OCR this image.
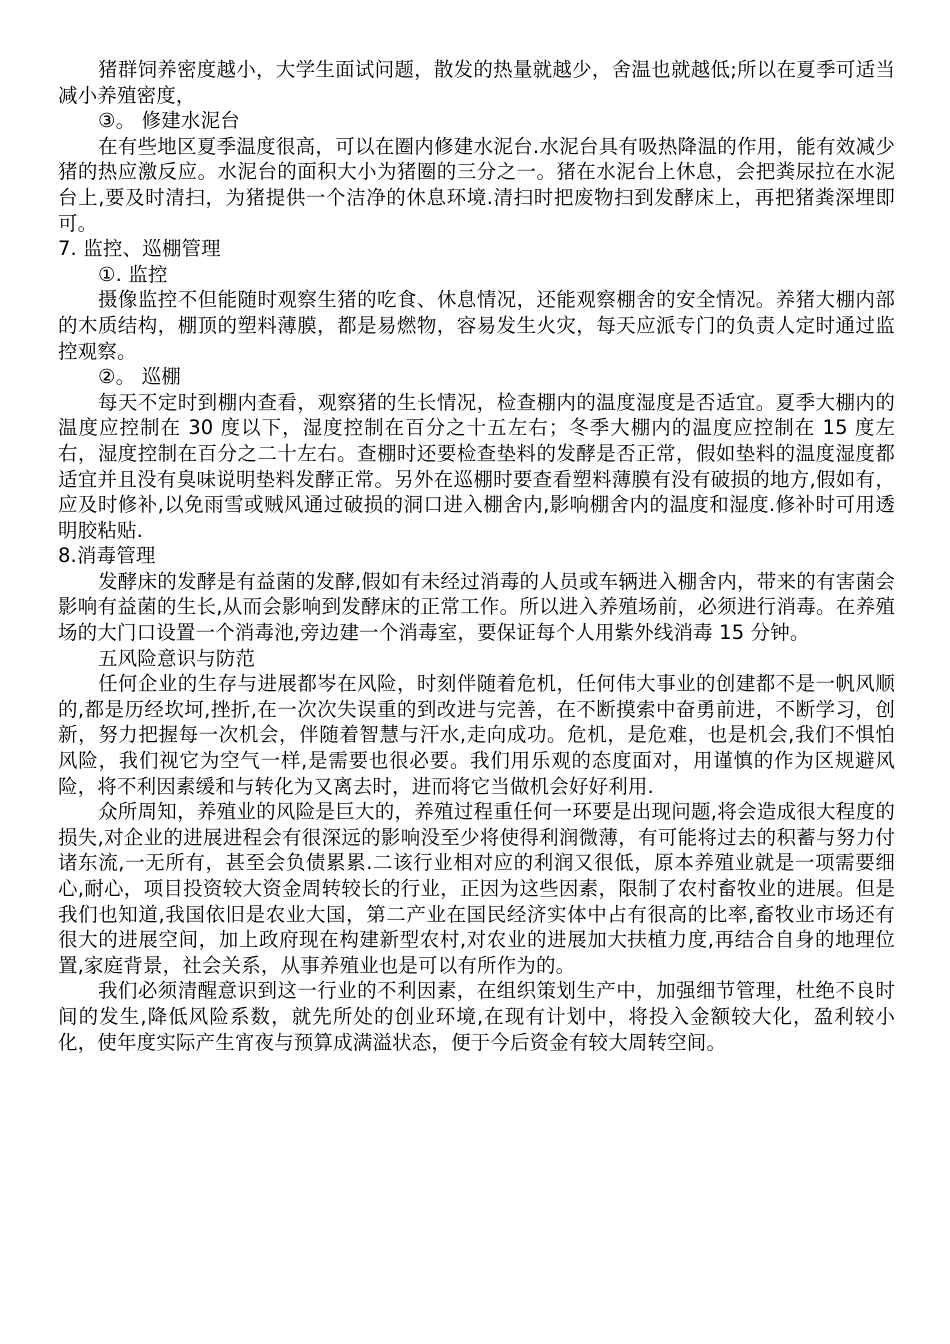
猪群饲养密度越小，大学生面试问题，散发的热量就越少，舍温也就越低;所以在夏季可适当减小养殖密度，

③。 修建水泥台

在有些地区夏季温度很高，可以在圈内修建水泥台.水泥台具有吸热降温的作用，能有效减少猪的热应激反应。水泥台的面积大小为猪圈的三分之一。猪在水泥台上休息，会把粪尿拉在水泥台上,要及时清扫，为猪提供一个洁净的休息环境.清扫时把废物扫到发酵床上，再把猪粪深埋即可。

7. 监控、巡棚管理

①. 监控

摄像监控不但能随时观察生猪的吃食、休息情况，还能观察棚舍的安全情况。养猪大棚内部的木质结构，棚顶的塑料薄膜，都是易燃物，容易发生火灾，每天应派专门的负责人定时通过监控观察。

②。 巡棚

每天不定时到棚内查看，观察猪的生长情况，检查棚内的温度湿度是否适宜。夏季大棚内的温度应控制在 30 度以下，湿度控制在百分之十五左右；冬季大棚内的温度应控制在 15 度左右，湿度控制在百分之二十左右。查棚时还要检查垫料的发酵是否正常，假如垫料的温度湿度都适宜并且没有臭味说明垫料发酵正常。另外在巡棚时要查看塑料薄膜有没有破损的地方,假如有，应及时修补,以免雨雪或贼风通过破损的洞口进入棚舍内,影响棚舍内的温度和湿度.修补时可用透明胶粘贴.

8.消毒管理

发酵床的发酵是有益菌的发酵,假如有未经过消毒的人员或车辆进入棚舍内，带来的有害菌会影响有益菌的生长,从而会影响到发酵床的正常工作。所以进入养殖场前，必须进行消毒。在养殖场的大门口设置一个消毒池,旁边建一个消毒室，要保证每个人用紫外线消毒 15 分钟。

五风险意识与防范

任何企业的生存与进展都岑在风险，时刻伴随着危机，任何伟大事业的创建都不是一帆风顺的,都是历经坎坷,挫折,在一次次失误重的到改进与完善，在不断摸索中奋勇前进，不断学习，创新，努力把握每一次机会，伴随着智慧与汗水,走向成功。危机，是危难，也是机会,我们不惧怕风险，我们视它为空气一样,是需要也很必要。我们用乐观的态度面对，用谨慎的作为区规避风险，将不利因素缓和与转化为又离去时，进而将它当做机会好好利用.

众所周知，养殖业的风险是巨大的，养殖过程重任何一环要是出现问题,将会造成很大程度的损失,对企业的进展进程会有很深远的影响没至少将使得利润微薄，有可能将过去的积蓄与努力付诸东流,一无所有，甚至会负债累累.二该行业相对应的利润又很低，原本养殖业就是一项需要细心,耐心，项目投资较大资金周转较长的行业，正因为这些因素，限制了农村畜牧业的进展。但是我们也知道,我国依旧是农业大国，第二产业在国民经济实体中占有很高的比率,畜牧业市场还有很大的进展空间，加上政府现在构建新型农村,对农业的进展加大扶植力度,再结合自身的地理位置,家庭背景，社会关系，从事养殖业也是可以有所作为的。

我们必须清醒意识到这一行业的不利因素，在组织策划生产中，加强细节管理，杜绝不良时间的发生,降低风险系数，就先所处的创业环境,在现有计划中，将投入金额较大化，盈利较小化，使年度实际产生宵夜与预算成满溢状态，便于今后资金有较大周转空间。
